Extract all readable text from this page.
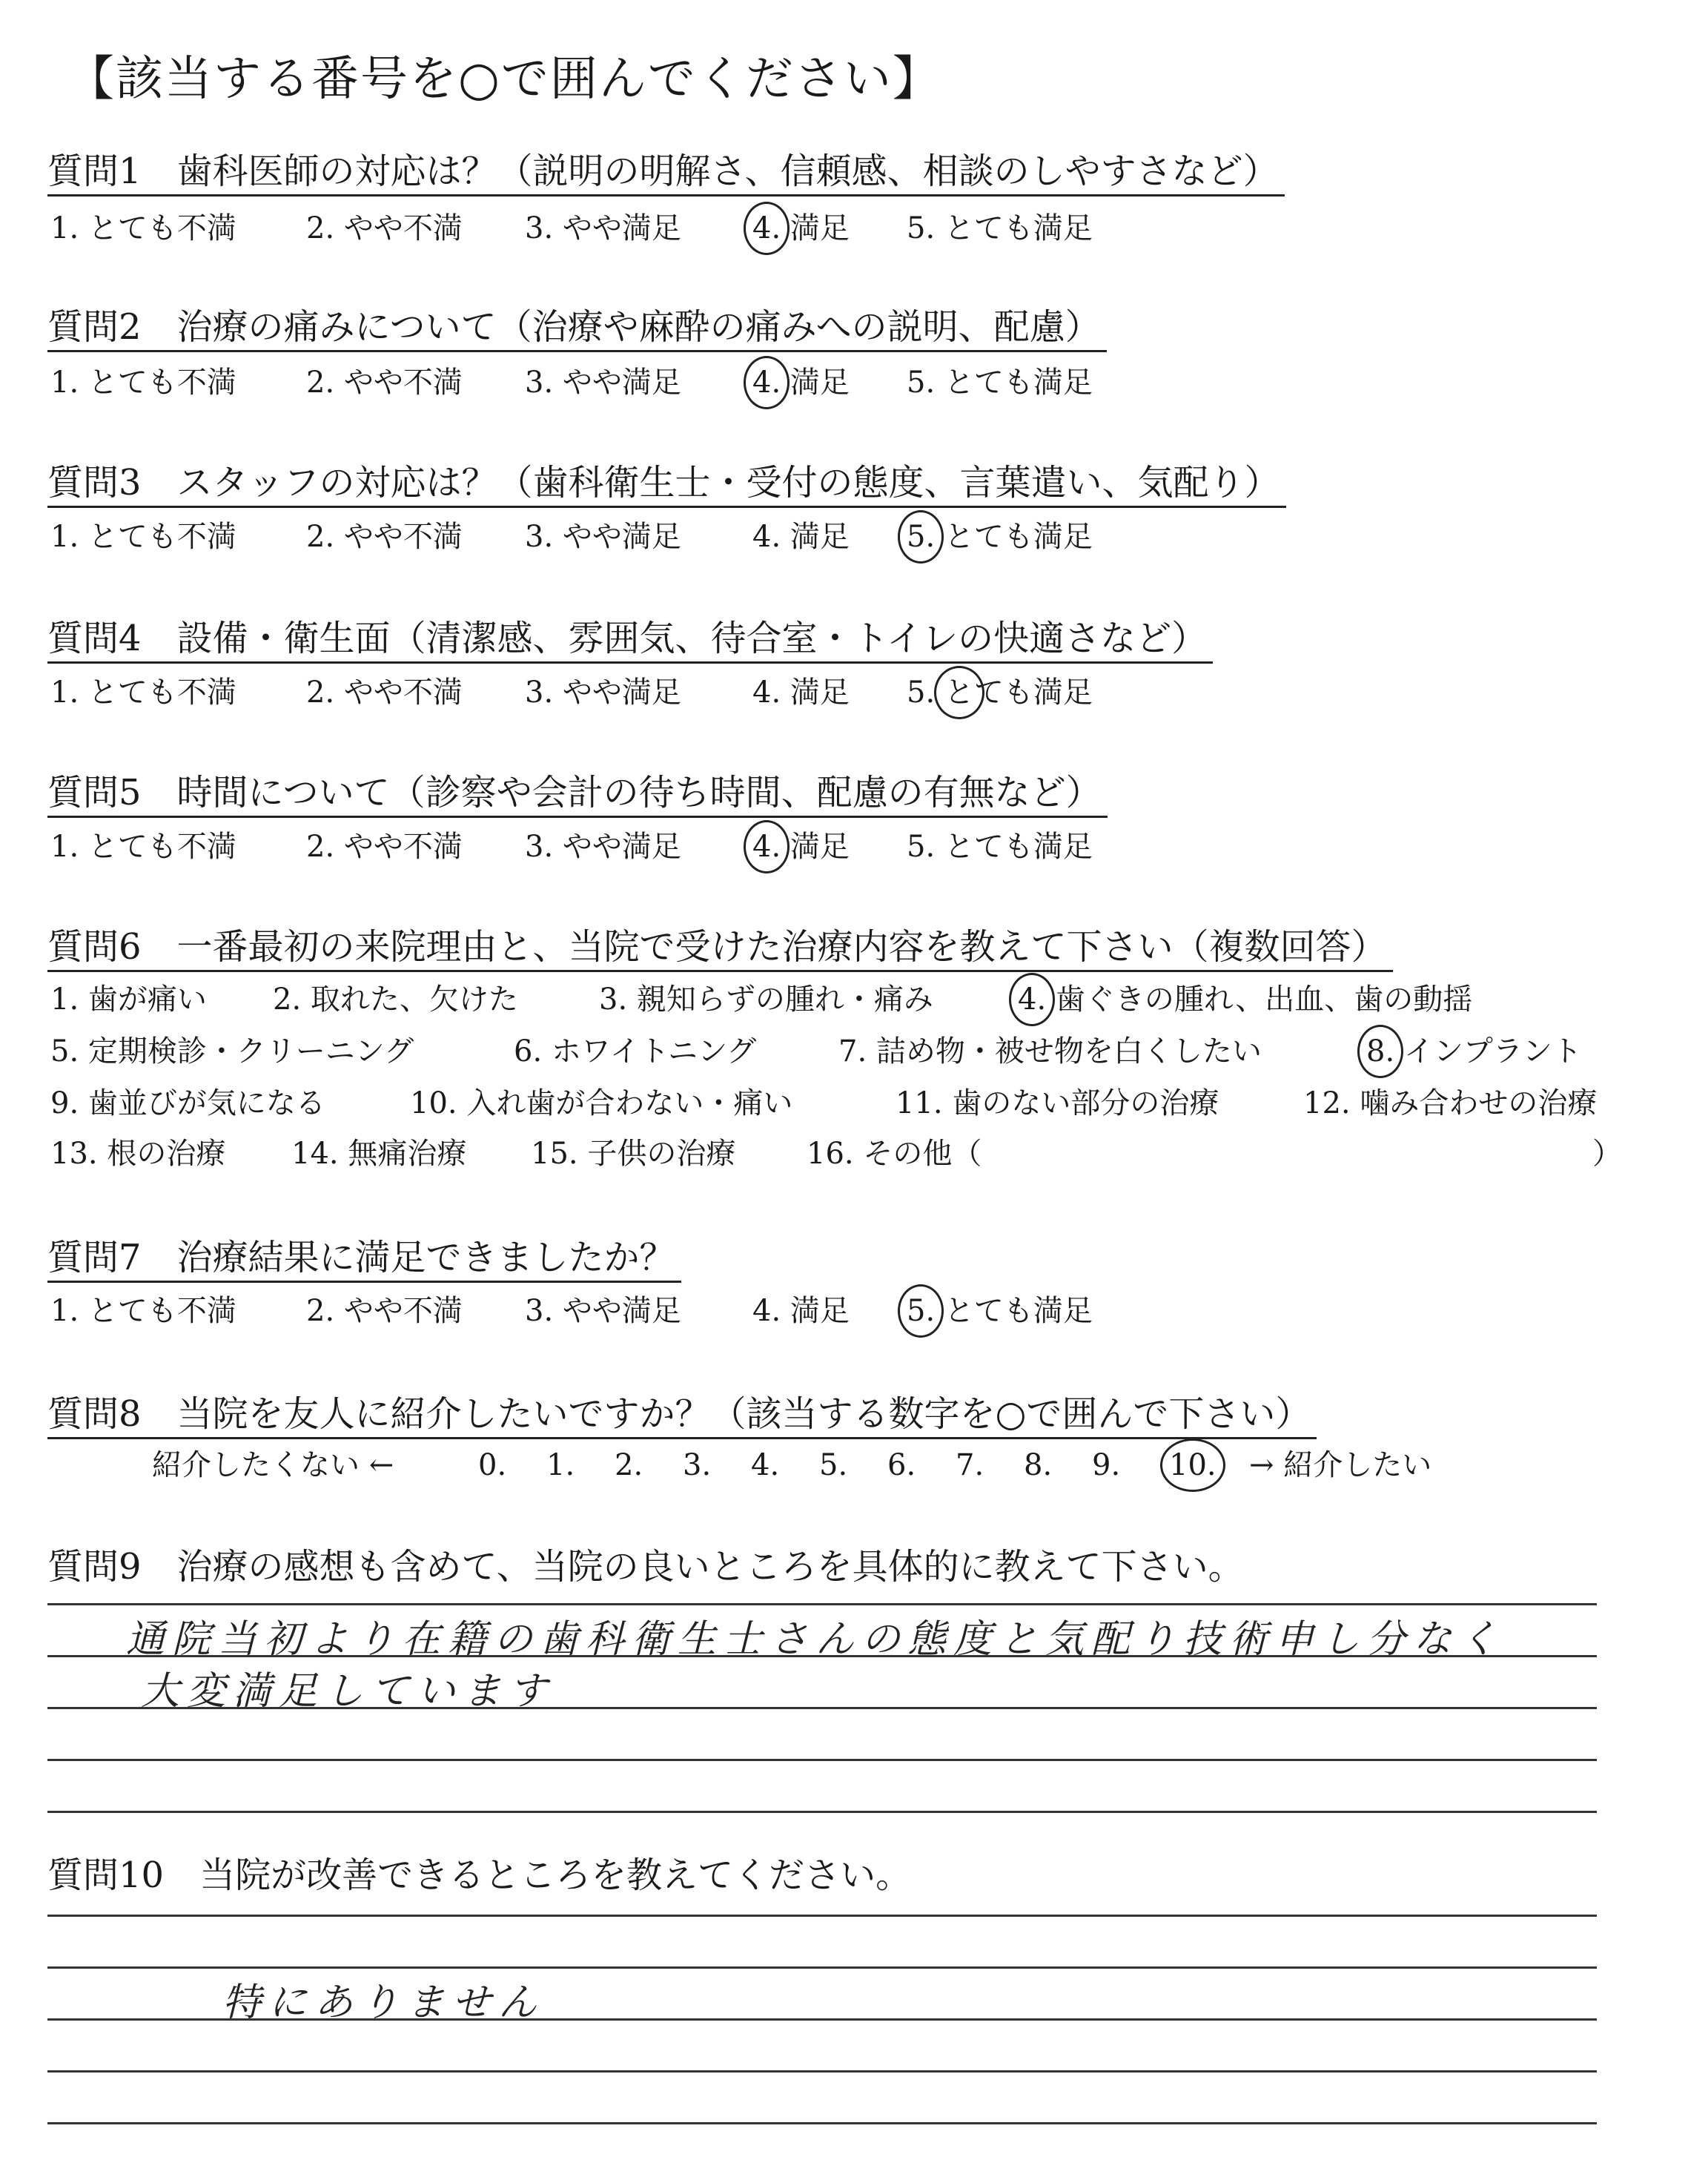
【該当する番号を○で囲んでください】
質問1　歯科医師の対応は？（説明の明解さ、信頼感、相談のしやすさなど）
1. とても不満 2. やや不満 3. やや満足 4. 満足 5. とても満足
質問2　治療の痛みについて（治療や麻酔の痛みへの説明、配慮）
1. とても不満 2. やや不満 3. やや満足 4. 満足 5. とても満足
質問3　スタッフの対応は？（歯科衛生士・受付の態度、言葉遣い、気配り）
1. とても不満 2. やや不満 3. やや満足 4. 満足 5. とても満足
質問4　設備・衛生面（清潔感、雰囲気、待合室・トイレの快適さなど）
1. とても不満 2. やや不満 3. やや満足 4. 満足 5. とても満足
質問5　時間について（診察や会計の待ち時間、配慮の有無など）
1. とても不満 2. やや不満 3. やや満足 4. 満足 5. とても満足
質問6　一番最初の来院理由と、当院で受けた治療内容を教えて下さい（複数回答）
1. 歯が痛い 2. 取れた、欠けた	3. 親知らずの腫れ・痛み	4. 歯ぐきの腫れ、出血、歯の動揺
5. 定期検診・クリーニング	6. ホワイトニング	7. 詰め物・被せ物を白くしたい	8. インプラント
9. 歯並びが気になる	10. 入れ歯が合わない・痛い	11. 歯のない部分の治療	12. 噛み合わせの治療
13. 根の治療 14. 無痛治療 15. 子供の治療 16. その他（	）
質問7　治療結果に満足できましたか？
1. とても不満 2. やや不満 3. やや満足 4. 満足 5. とても満足
質問8　当院を友人に紹介したいですか？（該当する数字を○で囲んで下さい）
紹介したくない ←	0. 1. 2. 3. 4. 5. 6. 7. 8. 9. 10. → 紹介したい
質問9　治療の感想も含めて、当院の良いところを具体的に教えて下さい。
通院当初より在籍の歯科衛生士さんの態度と気配り技術申し分なく
大変満足しています
質問10　当院が改善できるところを教えてください。
特にありません
